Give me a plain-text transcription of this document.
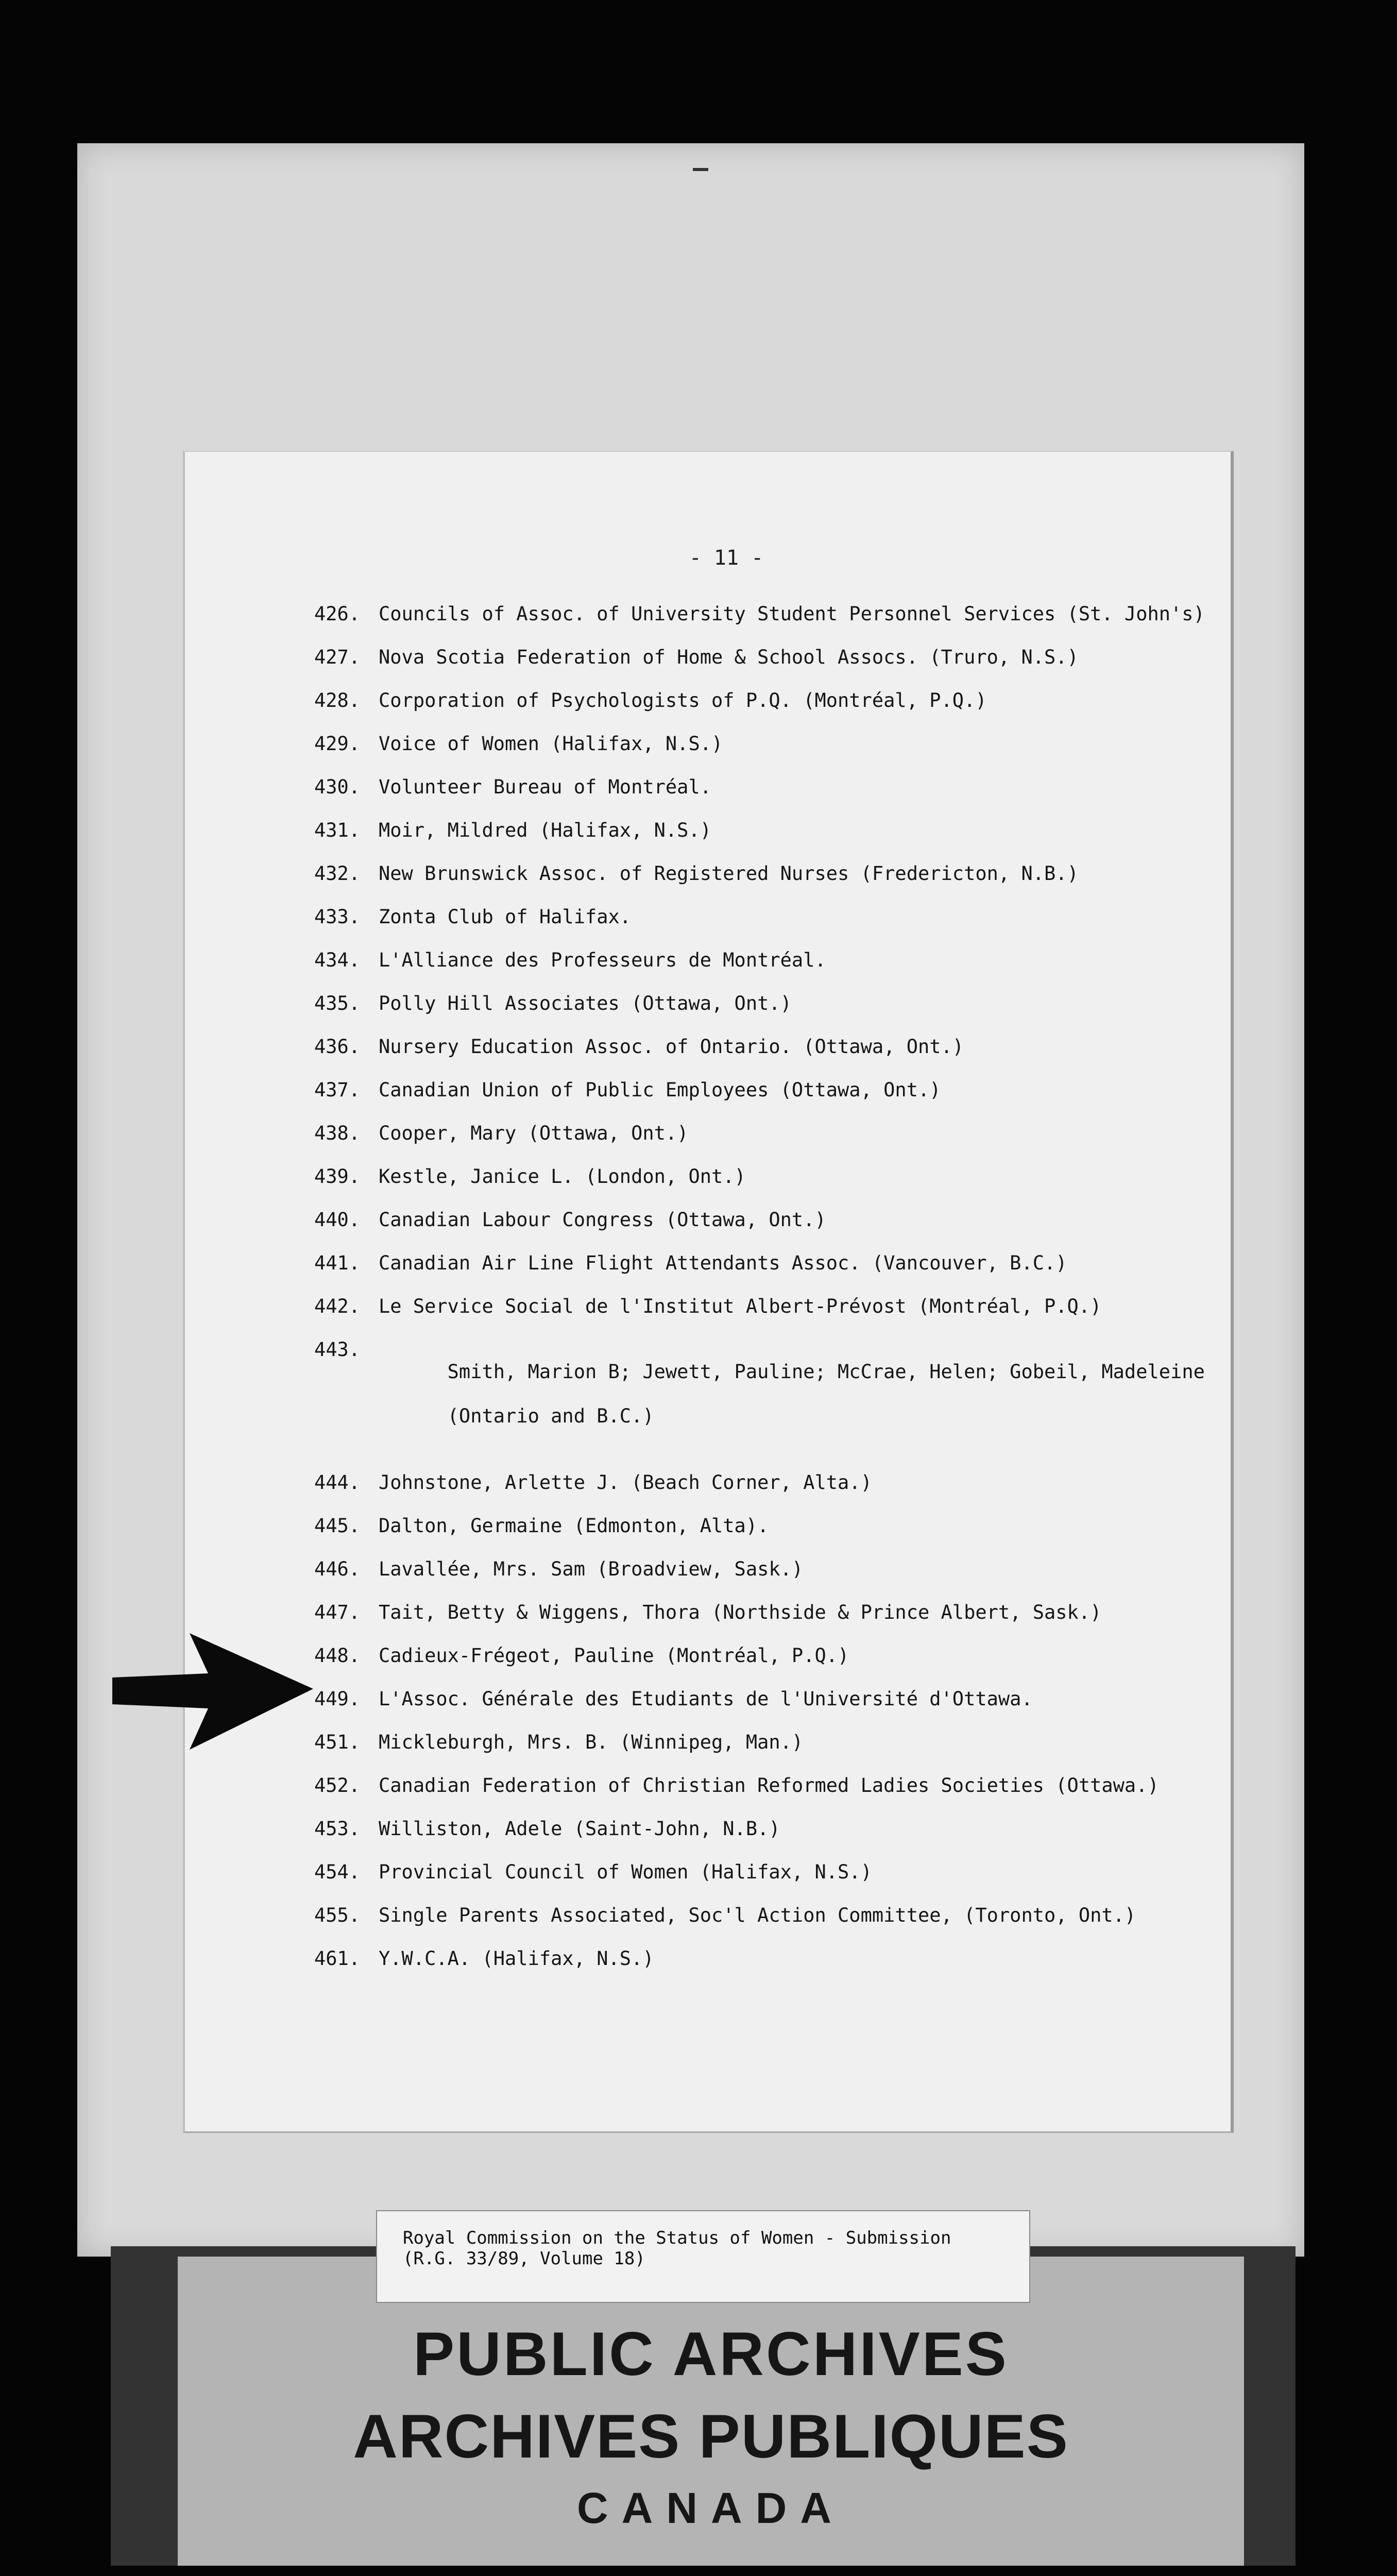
- 11 -
426. Councils of Assoc. of University Student Personnel Services (St. John's)
427. Nova Scotia Federation of Home & School Assocs. (Truro, N.S.)
428. Corporation of Psychologists of P.Q. (Montréal, P.Q.)
429. Voice of Women (Halifax, N.S.)
430. Volunteer Bureau of Montréal.
431. Moir, Mildred (Halifax, N.S.)
432. New Brunswick Assoc. of Registered Nurses (Fredericton, N.B.)
433. Zonta Club of Halifax.
434. L'Alliance des Professeurs de Montréal.
435. Polly Hill Associates (Ottawa, Ont.)
436. Nursery Education Assoc. of Ontario. (Ottawa, Ont.)
437. Canadian Union of Public Employees (Ottawa, Ont.)
438. Cooper, Mary (Ottawa, Ont.)
439. Kestle, Janice L. (London, Ont.)
440. Canadian Labour Congress (Ottawa, Ont.)
441. Canadian Air Line Flight Attendants Assoc. (Vancouver, B.C.)
442. Le Service Social de l'Institut Albert-Prévost (Montréal, P.Q.)
443.

Smith, Marion B; Jewett, Pauline; McCrae, Helen; Gobeil, Madeleine

(Ontario and B.C.)

444. Johnstone, Arlette J. (Beach Corner, Alta.)
445. Dalton, Germaine (Edmonton, Alta).
446. Lavallée, Mrs. Sam (Broadview, Sask.)
447. Tait, Betty & Wiggens, Thora (Northside & Prince Albert, Sask.)
448. Cadieux-Frégeot, Pauline (Montréal, P.Q.)
449. L'Assoc. Générale des Etudiants de l'Université d'Ottawa.
451. Mickleburgh, Mrs. B. (Winnipeg, Man.)
452. Canadian Federation of Christian Reformed Ladies Societies (Ottawa.)
453. Williston, Adele (Saint-John, N.B.)
454. Provincial Council of Women (Halifax, N.S.)
455. Single Parents Associated, Soc'l Action Committee, (Toronto, Ont.)
461. Y.W.C.A. (Halifax, N.S.)
Royal Commission on the Status of Women - Submission
(R.G. 33/89, Volume 18)
PUBLIC ARCHIVES
ARCHIVES PUBLIQUES
CANADA
